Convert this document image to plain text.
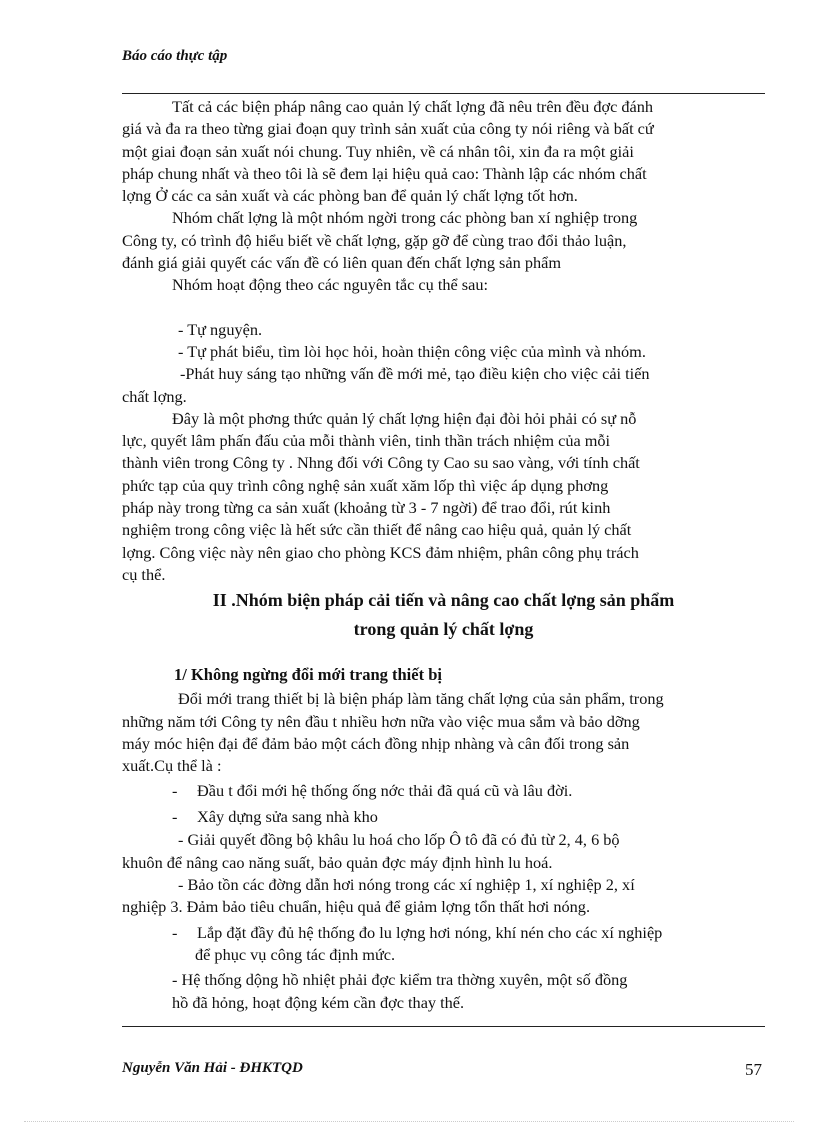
Báo cáo thực tập
Tất cả các biện pháp nâng cao quản lý chất lợng đã nêu trên đều đợc đánh
giá và đa ra theo từng giai đoạn quy trình sản xuất của công ty nói riêng và bất cứ
một giai đoạn sản xuất nói chung. Tuy nhiên, về cá nhân tôi, xin đa ra một giải
pháp chung nhất và theo tôi là sẽ đem lại hiệu quả cao: Thành lập các nhóm chất
lợng Ở các ca sản xuất và các phòng ban để quản lý chất lợng tốt hơn.
Nhóm chất lợng là một nhóm ngời trong các phòng ban xí nghiệp trong
Công ty, có trình độ hiểu biết về chất lợng, gặp gỡ để cùng trao đổi thảo luận,
đánh giá giải quyết các vấn đề có liên quan đến chất lợng sản phẩm
Nhóm hoạt động theo các nguyên tắc cụ thể sau:
- Tự nguyện.
- Tự phát biểu, tìm lòi học hỏi, hoàn thiện công việc của mình và nhóm.
-Phát huy sáng tạo những vấn đề mới mẻ, tạo điều kiện cho việc cải tiến
chất lợng.
Đây là một phơng thức quản lý chất lợng hiện đại đòi hỏi phải có sự nỗ
lực, quyết lâm phấn đấu của mỗi thành viên, tinh thần trách nhiệm của mỗi
thành viên trong Công ty . Nhng đối với Công ty Cao su sao vàng, với tính chất
phức tạp của quy trình công nghệ sản xuất xăm lốp thì việc áp dụng phơng
pháp này trong từng ca sản xuất (khoảng từ 3 - 7 ngời) để trao đổi, rút kinh
nghiệm trong công việc là hết sức cần thiết để nâng cao hiệu quả, quản lý chất
lợng. Công việc này nên giao cho phòng KCS đảm nhiệm, phân công phụ trách
cụ thể.
II .Nhóm biện pháp cải tiến và nâng cao chất lợng sản phẩm
trong quản lý chất lợng
1/ Không ngừng đổi mới trang thiết bị
Đổi mới trang thiết bị là biện pháp làm tăng chất lợng của sản phẩm, trong
những năm tới Công ty nên đầu t nhiều hơn nữa vào việc mua sắm và bảo dỡng
máy móc hiện đại để đảm bảo một cách đồng nhịp nhàng và cân đối trong sản
xuất.Cụ thể là :
- Đầu t đổi mới hệ thống ống nớc thải đã quá cũ và lâu đời.
- Xây dựng sửa sang nhà kho
- Giải quyết đồng bộ khâu lu hoá cho lốp Ô tô đã có đủ từ 2, 4, 6 bộ
khuôn để nâng cao năng suất, bảo quản đợc máy định hình lu hoá.
- Bảo tồn các đờng dẫn hơi nóng trong các xí nghiệp 1, xí nghiệp 2, xí
nghiệp 3. Đảm bảo tiêu chuẩn, hiệu quả để giảm lợng tổn thất hơi nóng.
- Lắp đặt đầy đủ hệ thống đo lu lợng hơi nóng, khí nén cho các xí nghiệp
để phục vụ công tác định mức.
- Hệ thống dộng hồ nhiệt phải đợc kiểm tra thờng xuyên, một số đồng
hồ đã hỏng, hoạt động kém cần đợc thay thế.
Nguyễn Văn Hải - ĐHKTQD	57
